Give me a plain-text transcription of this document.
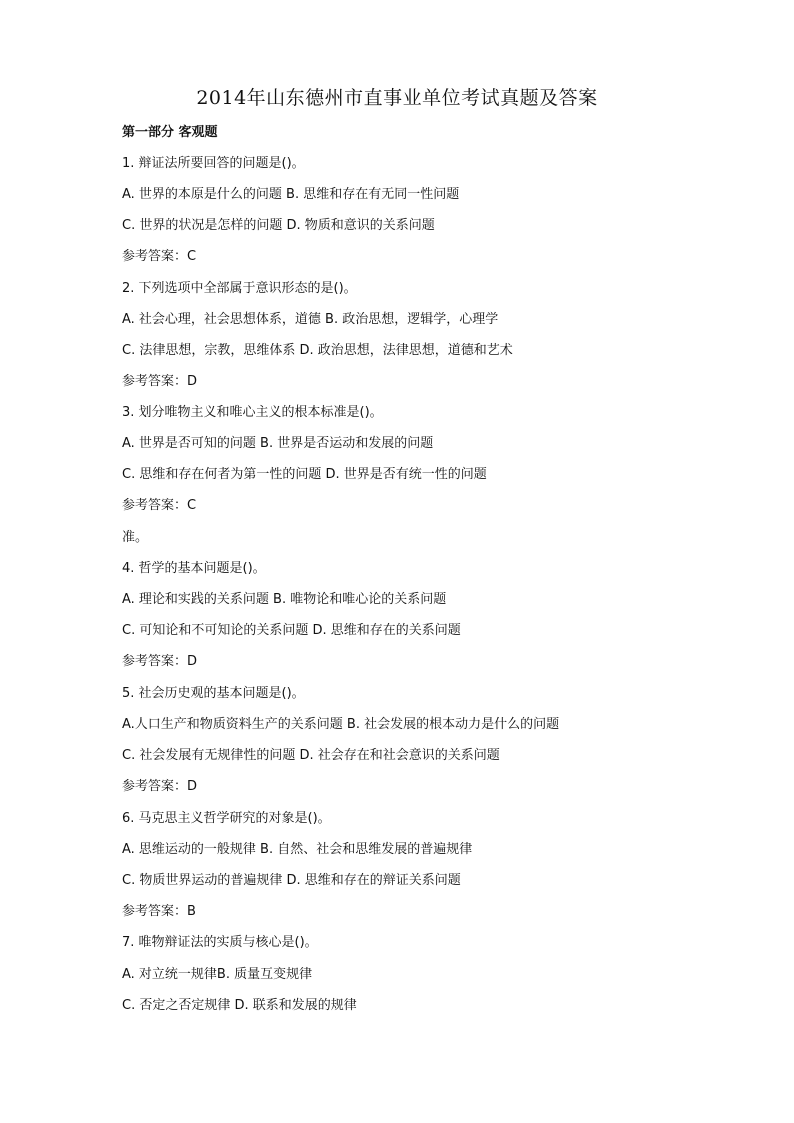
2014年山东德州市直事业单位考试真题及答案
第一部分 客观题
1. 辩证法所要回答的问题是()。
A. 世界的本原是什么的问题 B. 思维和存在有无同一性问题
C. 世界的状况是怎样的问题 D. 物质和意识的关系问题
参考答案：C
2. 下列选项中全部属于意识形态的是()。
A. 社会心理，社会思想体系，道德 B. 政治思想，逻辑学，心理学
C. 法律思想，宗教，思维体系 D. 政治思想，法律思想，道德和艺术
参考答案：D
3. 划分唯物主义和唯心主义的根本标准是()。
A. 世界是否可知的问题 B. 世界是否运动和发展的问题
C. 思维和存在何者为第一性的问题 D. 世界是否有统一性的问题
参考答案：C
准。
4. 哲学的基本问题是()。
A. 理论和实践的关系问题 B. 唯物论和唯心论的关系问题
C. 可知论和不可知论的关系问题 D. 思维和存在的关系问题
参考答案：D
5. 社会历史观的基本问题是()。
A.人口生产和物质资料生产的关系问题 B. 社会发展的根本动力是什么的问题
C. 社会发展有无规律性的问题 D. 社会存在和社会意识的关系问题
参考答案：D
6. 马克思主义哲学研究的对象是()。
A. 思维运动的一般规律 B. 自然、社会和思维发展的普遍规律
C. 物质世界运动的普遍规律 D. 思维和存在的辩证关系问题
参考答案：B
7. 唯物辩证法的实质与核心是()。
A. 对立统一规律B. 质量互变规律
C. 否定之否定规律 D. 联系和发展的规律
